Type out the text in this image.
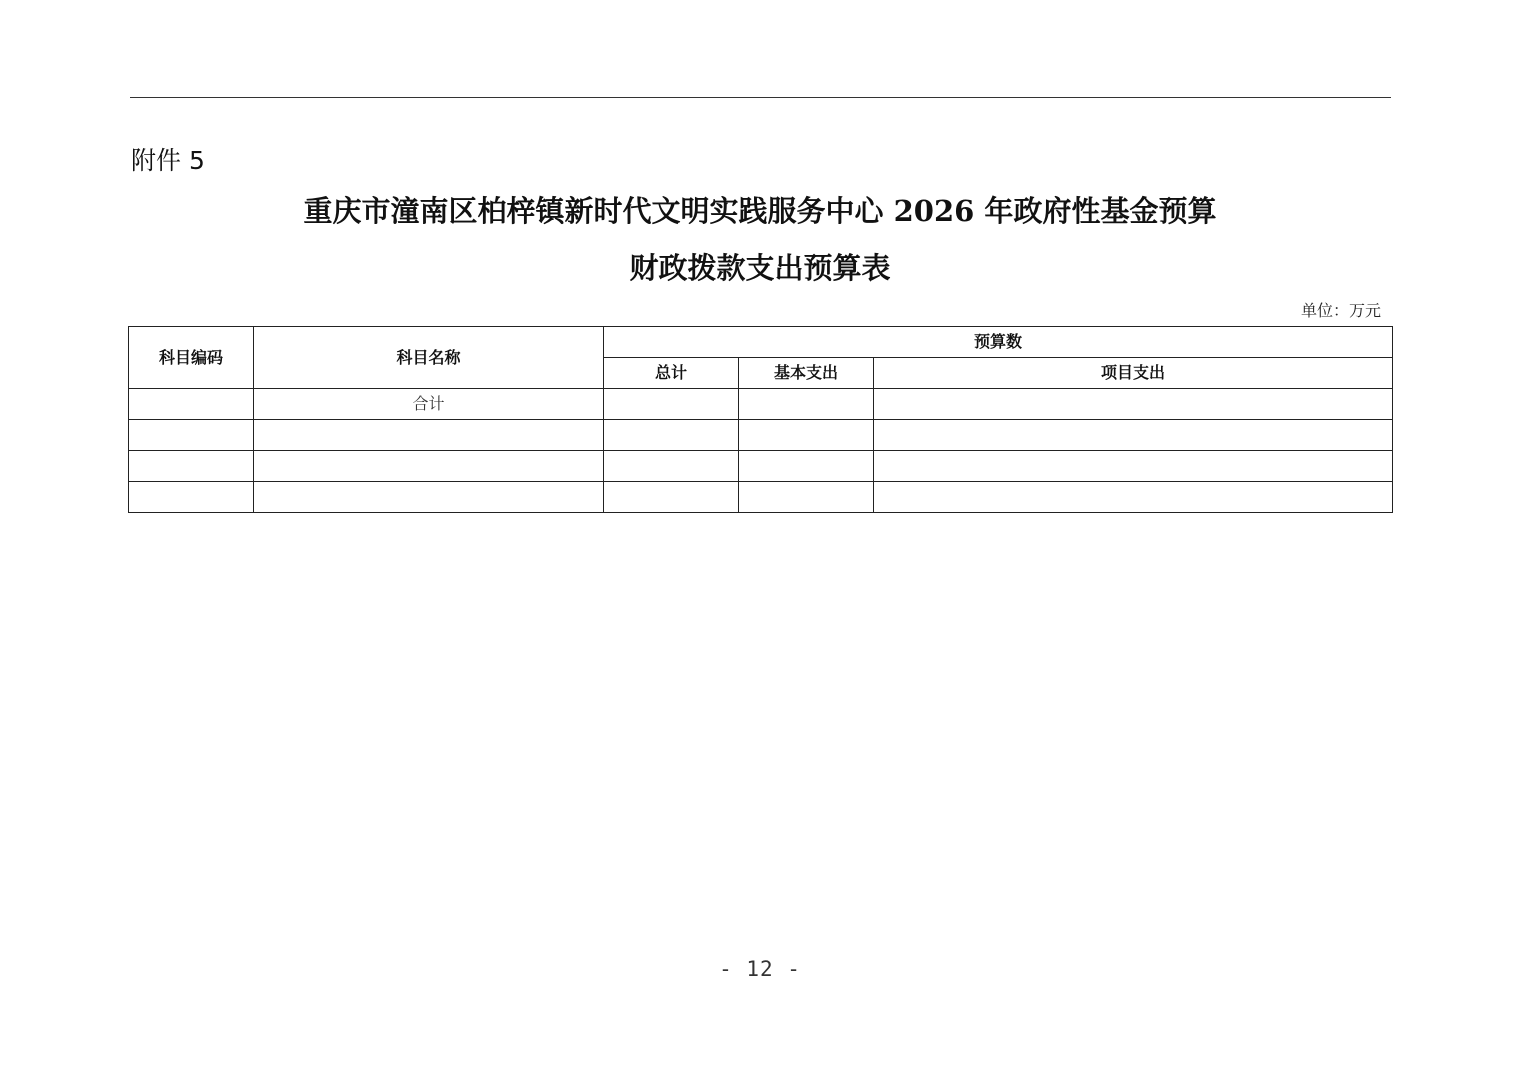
附件 5
重庆市潼南区柏梓镇新时代文明实践服务中心 2026 年政府性基金预算
财政拨款支出预算表
单位：万元
科目编码	科目名称	预算数		
		总计	基本支出	项目支出
	合计			

- 12 -
